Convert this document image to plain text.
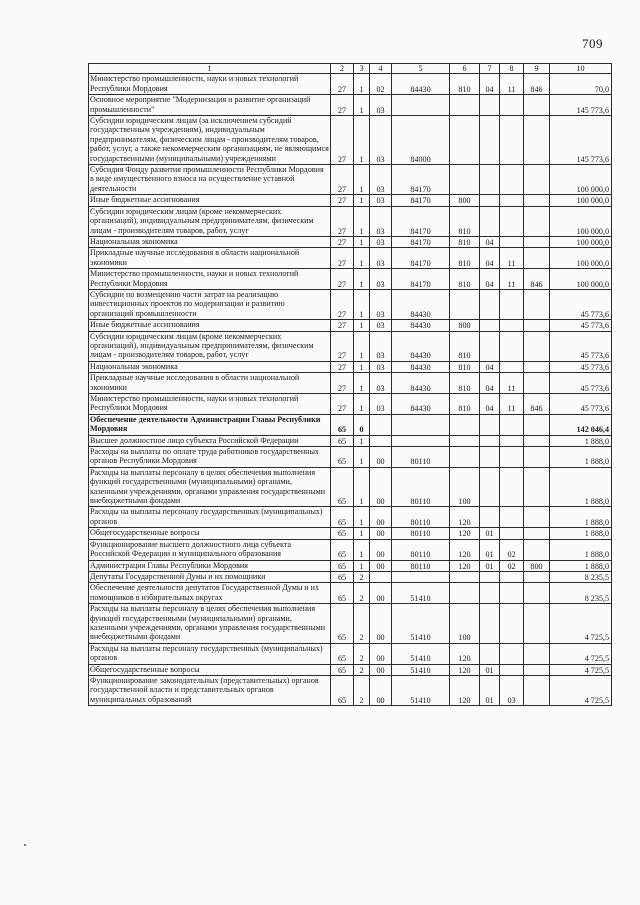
709
1	2	3	4	5	6	7	8	9	10
Министерство промышленности, науки и новых технологий Республики Мордовия	27	1	02	84430	810	04	11	846	70,0
Основное мероприятие "Модернизация и развитие организаций промышленности"	27	1	03						145 773,6
Субсидии юридическим лицам (за исключением субсидий государственным учреждениям), индивидуальным предпринимателям, физическим лицам - производителям товаров, работ, услуг, а также некоммерческим организациям, не являющимся государственными (муниципальными) учреждениями	27	1	03	84000					145 773,6
Субсидия Фонду развития промышленности Республики Мордовия в виде имущественного взноса на осуществление уставной деятельности	27	1	03	84170					100 000,0
Иные бюджетные ассигнования	27	1	03	84170	800				100 000,0
Субсидии юридическим лицам (кроме некоммерческих организаций), индивидуальным предпринимателям, физическим лицам - производителям товаров, работ, услуг	27	1	03	84170	810				100 000,0
Национальная экономика	27	1	03	84170	810	04			100 000,0
Прикладные научные исследования в области национальной экономики	27	1	03	84170	810	04	11		100 000,0
Министерство промышленности, науки и новых технологий Республики Мордовия	27	1	03	84170	810	04	11	846	100 000,0
Субсидии по возмещению части затрат на реализацию инвестиционных проектов по модернизации и развитию организаций промышленности	27	1	03	84430					45 773,6
Иные бюджетные ассигнования	27	1	03	84430	800				45 773,6
Субсидии юридическим лицам (кроме некоммерческих организаций), индивидуальным предпринимателям, физическим лицам - производителям товаров, работ, услуг	27	1	03	84430	810				45 773,6
Национальная экономика	27	1	03	84430	810	04			45 773,6
Прикладные научные исследования в области национальной экономики	27	1	03	84430	810	04	11		45 773,6
Министерство промышленности, науки и новых технологий Республики Мордовия	27	1	03	84430	810	04	11	846	45 773,6
Обеспечение деятельности Администрации Главы Республики Мордовия	65	0							142 046,4
Высшее должностное лицо субъекта Российской Федерации	65	1							1 888,0
Расходы на выплаты по оплате труда работников государственных органов Республики Мордовия	65	1	00	80110					1 888,0
Расходы на выплаты персоналу в целях обеспечения выполнения функций государственными (муниципальными) органами, казенными учреждениями, органами управления государственными внебюджетными фондами	65	1	00	80110	100				1 888,0
Расходы на выплаты персоналу государственных (муниципальных) органов	65	1	00	80110	120				1 888,0
Общегосударственные вопросы	65	1	00	80110	120	01			1 888,0
Функционирование высшего должностного лица субъекта Российской Федерации и муниципального образования	65	1	00	80110	120	01	02		1 888,0
Администрация Главы Республики Мордовия	65	1	00	80110	120	01	02	800	1 888,0
Депутаты Государственной Думы и их помощники	65	2							8 235,5
Обеспечение деятельности депутатов Государственной Думы и их помощников в избирательных округах	65	2	00	51410					8 235,5
Расходы на выплаты персоналу в целях обеспечения выполнения функций государственными (муниципальными) органами, казенными учреждениями, органами управления государственными внебюджетными фондами	65	2	00	51410	100				4 725,5
Расходы на выплаты персоналу государственных (муниципальных) органов	65	2	00	51410	120				4 725,5
Общегосударственные вопросы	65	2	00	51410	120	01			4 725,5
Функционирование законодательных (представительных) органов государственной власти и представительных органов муниципальных образований	65	2	00	51410	120	01	03		4 725,5
